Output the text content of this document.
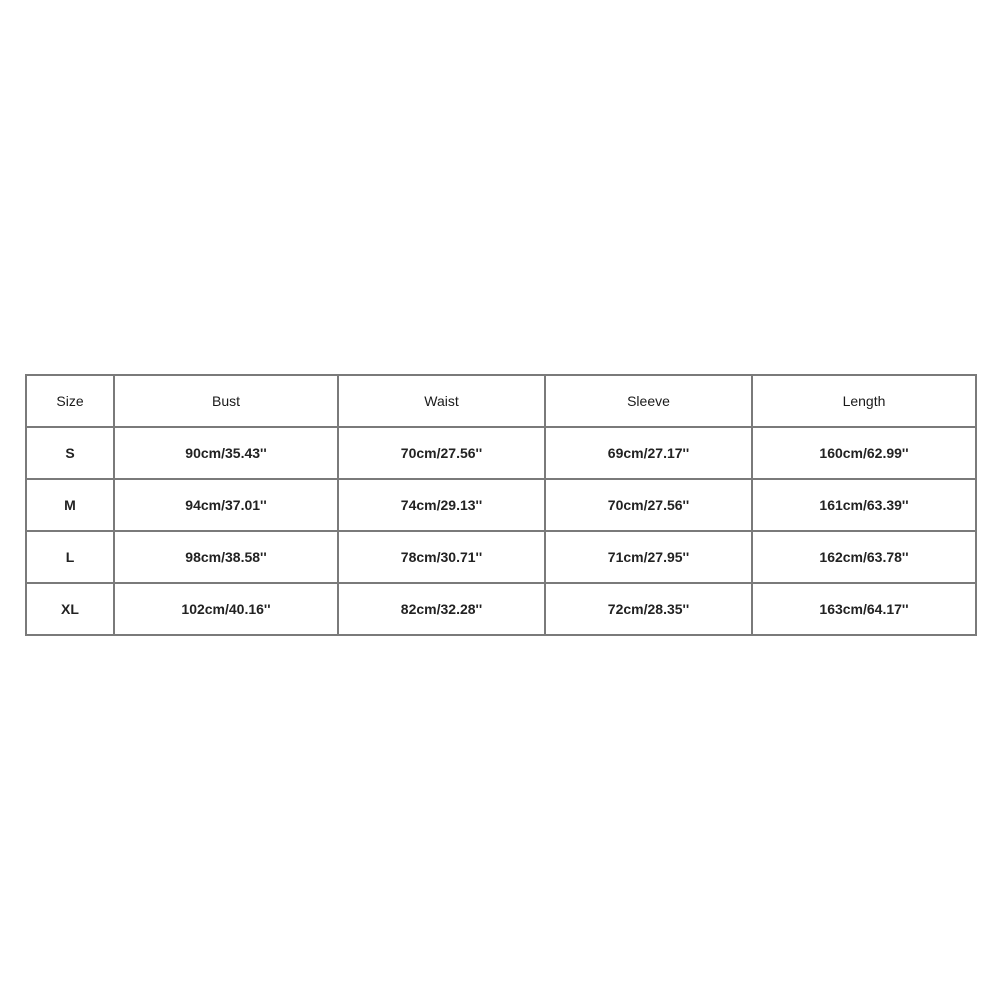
Size	Bust	Waist	Sleeve	Length
S	90cm/35.43''	70cm/27.56''	69cm/27.17''	160cm/62.99''
M	94cm/37.01''	74cm/29.13''	70cm/27.56''	161cm/63.39''
L	98cm/38.58''	78cm/30.71''	71cm/27.95''	162cm/63.78''
XL	102cm/40.16''	82cm/32.28''	72cm/28.35''	163cm/64.17''
